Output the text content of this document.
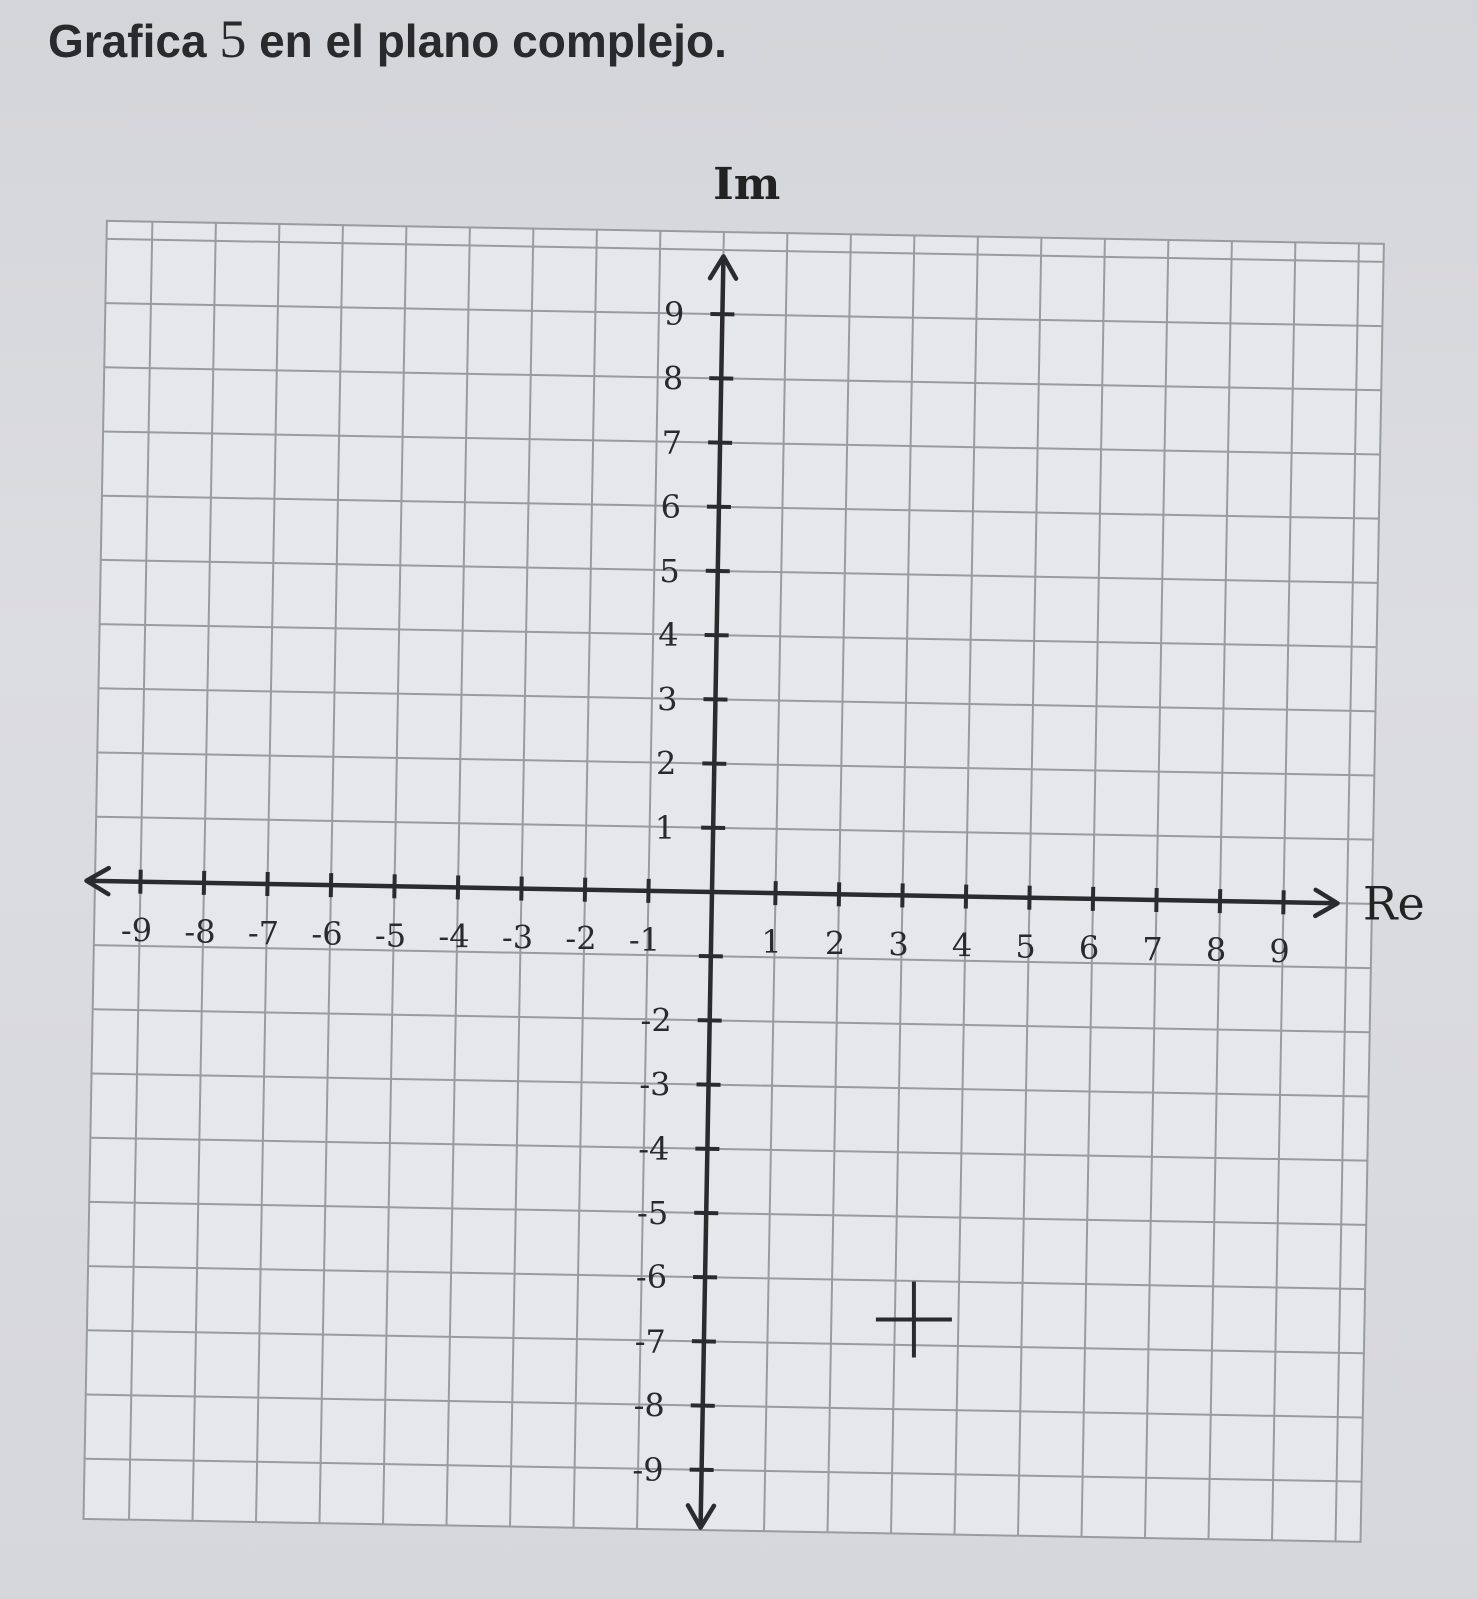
Grafica 5 en el plano complejo.
-9 -8 -7 -6 -5 -4 -3 -2 -1	1 2 3 4 5 6 7 8 9
9
8
7
6
5
4
3
2
1
-2
-3
-4
-5
-6
-7
-8
-9
Im
Re
